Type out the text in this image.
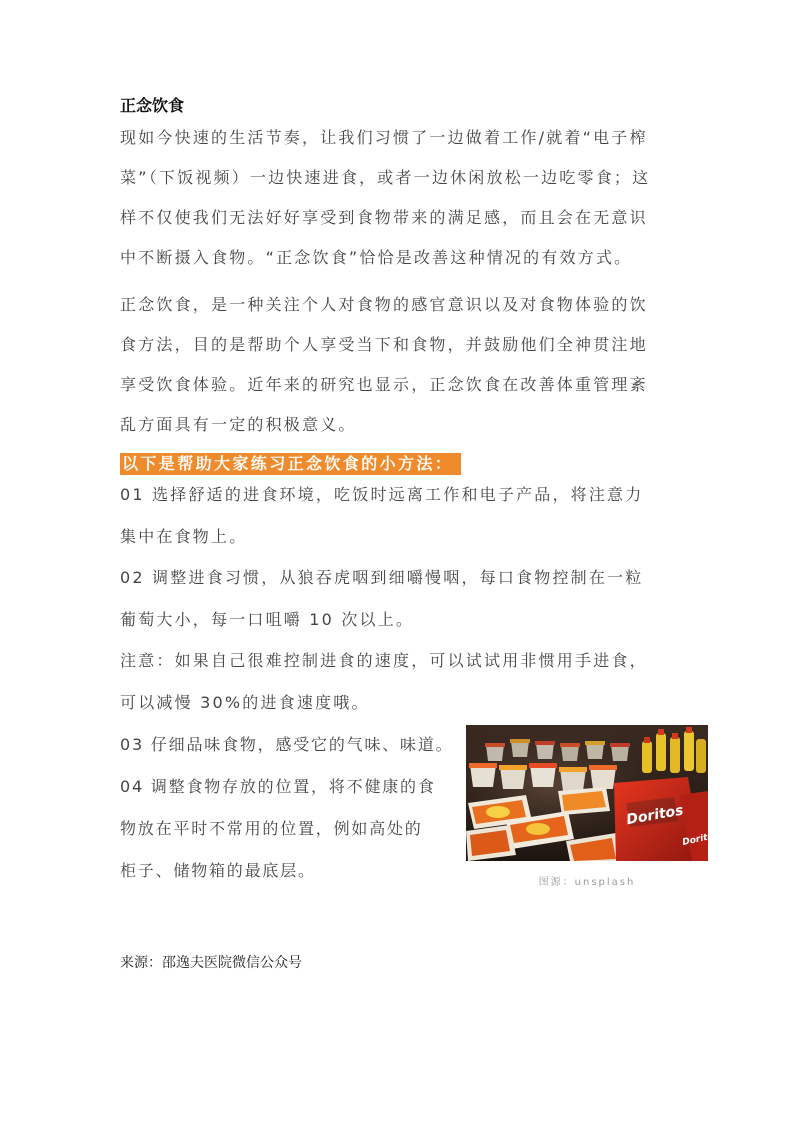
正念饮食

现如今快速的生活节奏，让我们习惯了一边做着工作/就着“电子榨
菜”（下饭视频）一边快速进食，或者一边休闲放松一边吃零食；这
样不仅使我们无法好好享受到食物带来的满足感，而且会在无意识
中不断摄入食物。“正念饮食”恰恰是改善这种情况的有效方式。

正念饮食，是一种关注个人对食物的感官意识以及对食物体验的饮
食方法，目的是帮助个人享受当下和食物，并鼓励他们全神贯注地
享受饮食体验。近年来的研究也显示，正念饮食在改善体重管理紊
乱方面具有一定的积极意义。

以下是帮助大家练习正念饮食的小方法：

01 选择舒适的进食环境，吃饭时远离工作和电子产品，将注意力
集中在食物上。

02 调整进食习惯，从狼吞虎咽到细嚼慢咽，每口食物控制在一粒
葡萄大小，每一口咀嚼 10 次以上。

注意：如果自己很难控制进食的速度，可以试试用非惯用手进食，
可以减慢 30%的进食速度哦。

03 仔细品味食物，感受它的气味、味道。
04 调整食物存放的位置，将不健康的食
物放在平时不常用的位置，例如高处的
柜子、储物箱的最底层。

Doritos
Doritos
图源：unsplash
来源：邵逸夫医院微信公众号
